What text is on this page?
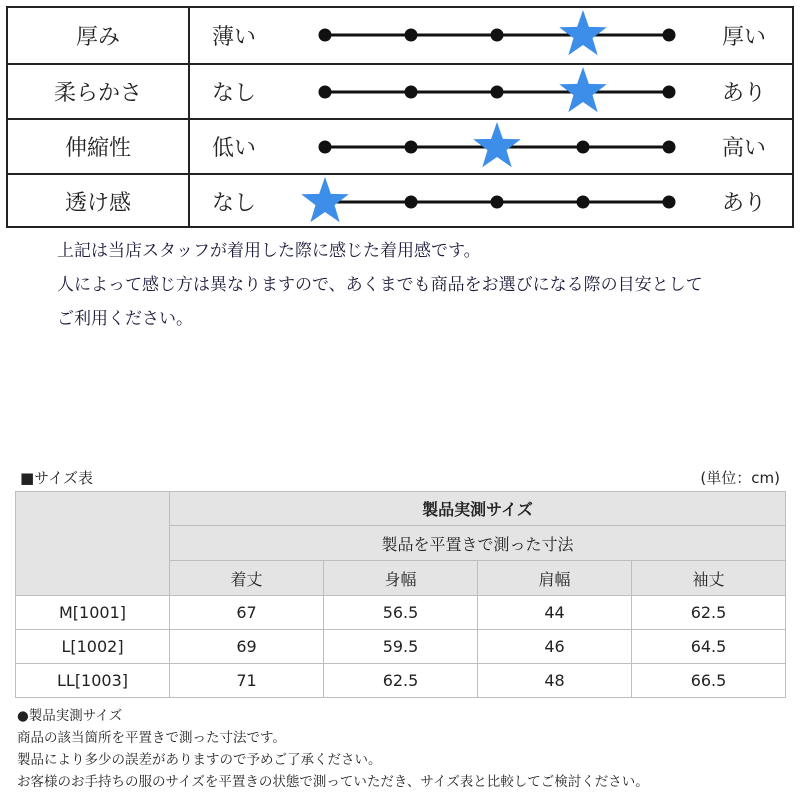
厚み	薄い	厚い
柔らかさ	なし	あり
伸縮性	低い	高い
透け感	なし	あり
上記は当店スタッフが着用した際に感じた着用感です。
人によって感じ方は異なりますので、あくまでも商品をお選びになる際の目安として
ご利用ください。
■サイズ表	(単位：cm)
	製品実測サイズ			
	製品を平置きで測った寸法			
	着丈	身幅	肩幅	袖丈
M[1001]	67	56.5	44	62.5
L[1002]	69	59.5	46	64.5
LL[1003]	71	62.5	48	66.5
●製品実測サイズ
商品の該当箇所を平置きで測った寸法です。
製品により多少の誤差がありますので予めご了承ください。
お客様のお手持ちの服のサイズを平置きの状態で測っていただき、サイズ表と比較してご検討ください。
